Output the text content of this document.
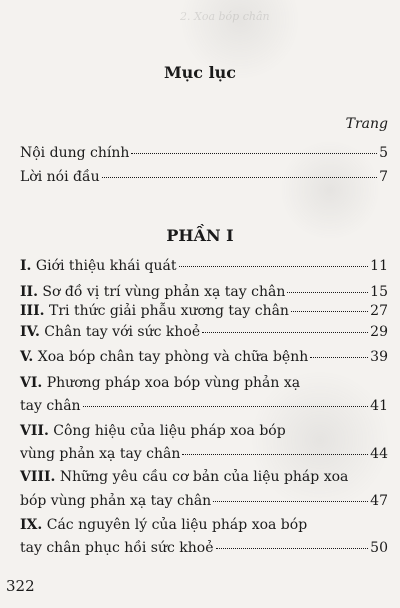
2. Xoa bóp chân
Mục lục
Trang
Nội dung chính	5
Lời nói đầu	7
PHẦN I
I. Giới thiệu khái quát	11
II. Sơ đồ vị trí vùng phản xạ tay chân	15
III. Tri thức giải phẫu xương tay chân	27
IV. Chân tay với sức khoẻ	29
V. Xoa bóp chân tay phòng và chữa bệnh	39
VI. Phương pháp xoa bóp vùng phản xạ
tay chân	41
VII. Công hiệu của liệu pháp xoa bóp
vùng phản xạ tay chân	44
VIII. Những yêu cầu cơ bản của liệu pháp xoa
bóp vùng phản xạ tay chân	47
IX. Các nguyên lý của liệu pháp xoa bóp
tay chân phục hồi sức khoẻ	50
322
